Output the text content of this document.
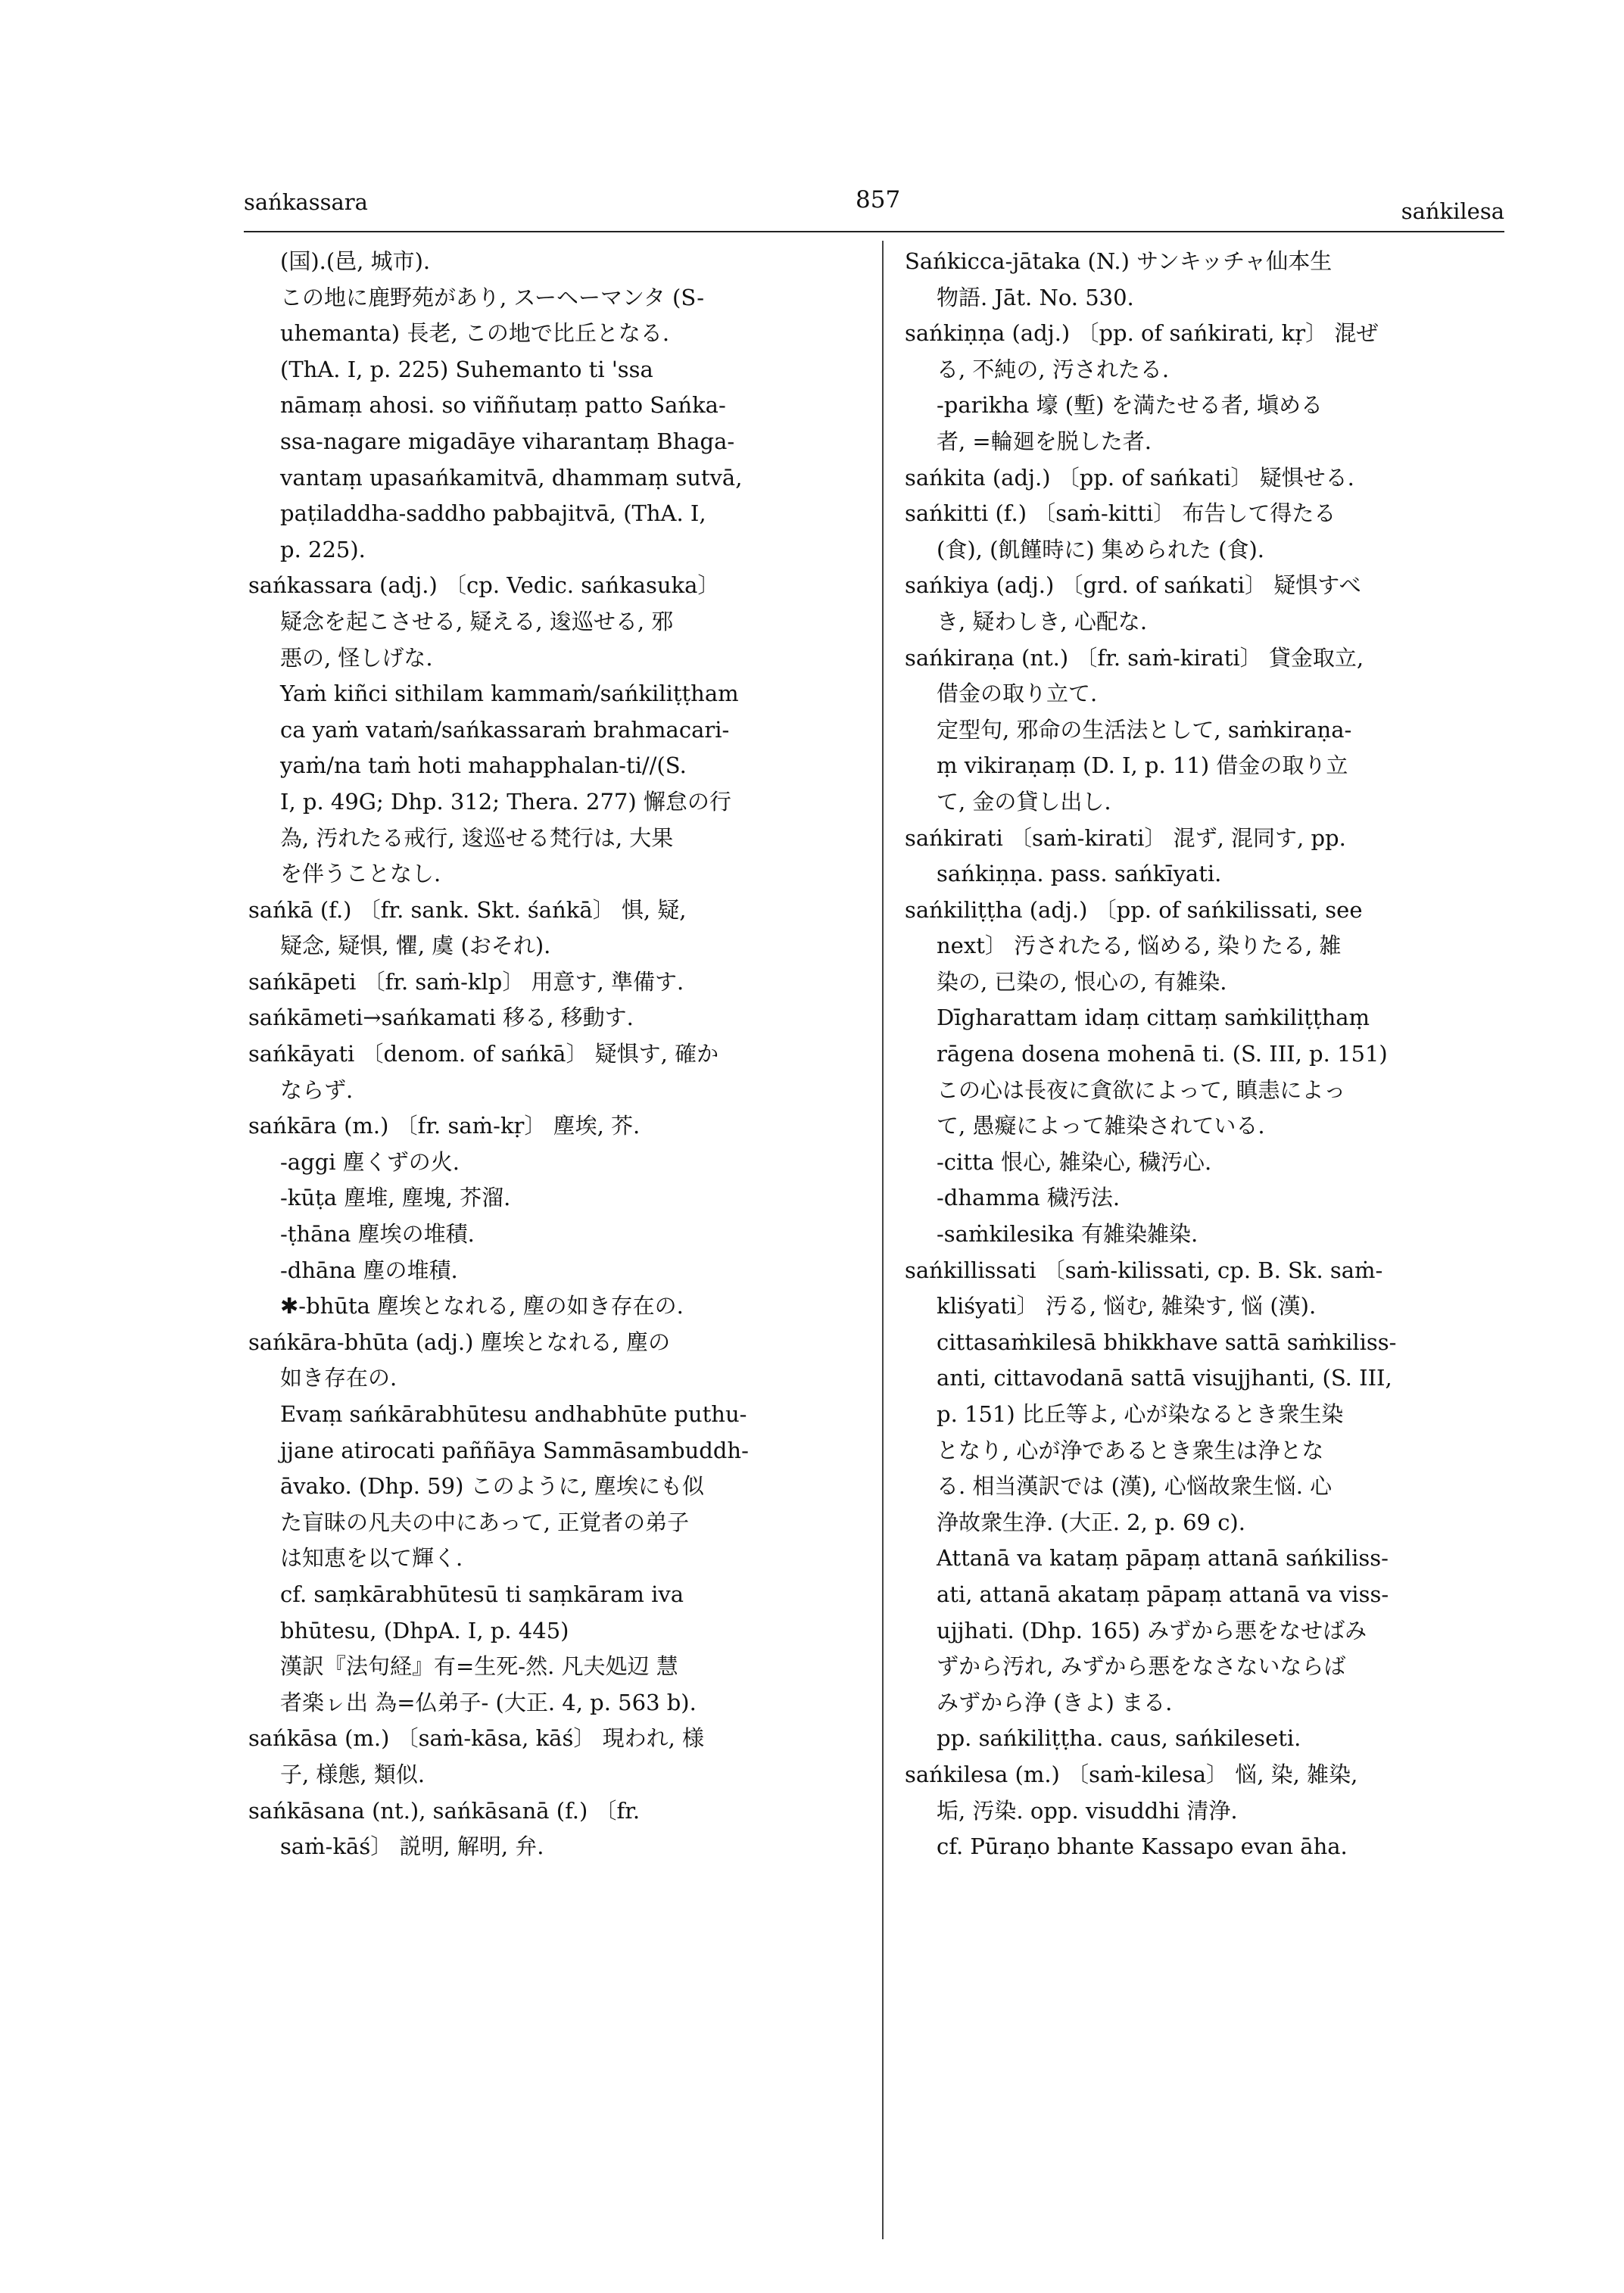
sańkassara	857	sańkilesa
(国).(邑, 城市).
この地に鹿野苑があり, スーヘーマンタ (S-
uhemanta) 長老, この地で比丘となる.
(ThA. I, p. 225) Suhemanto ti 'ssa
nāmaṃ ahosi. so viññutaṃ patto Sańka-
ssa-nagare migadāye viharantaṃ Bhaga-
vantaṃ upasańkamitvā, dhammaṃ sutvā,
paṭiladdha-saddho pabbajitvā, (ThA. I,
p. 225).
sańkassara (adj.) 〔cp. Vedic. sańkasuka〕
疑念を起こさせる, 疑える, 逡巡せる, 邪
悪の, 怪しげな.
Yaṁ kiñci sithilam kammaṁ/sańkiliṭṭham
ca yaṁ vataṁ/sańkassaraṁ brahmacari-
yaṁ/na taṁ hoti mahapphalan-ti//(S.
I, p. 49G; Dhp. 312; Thera. 277) 懈怠の行
為, 汚れたる戒行, 逡巡せる梵行は, 大果
を伴うことなし.
sańkā (f.) 〔fr. sank. Skt. śańkā〕 惧, 疑,
疑念, 疑惧, 懼, 虞 (おそれ).
sańkāpeti 〔fr. saṁ-klp〕 用意す, 準備す.
sańkāmeti→sańkamati 移る, 移動す.
sańkāyati 〔denom. of sańkā〕 疑惧す, 確か
ならず.
sańkāra (m.) 〔fr. saṁ-kṛ〕 塵埃, 芥.
-aggi 塵くずの火.
-kūṭa 塵堆, 塵塊, 芥溜.
-ṭhāna 塵埃の堆積.
-dhāna 塵の堆積.
✱-bhūta 塵埃となれる, 塵の如き存在の.
sańkāra-bhūta (adj.) 塵埃となれる, 塵の
如き存在の.
Evaṃ sańkārabhūtesu andhabhūte puthu-
jjane atirocati paññāya Sammāsambuddh-
āvako. (Dhp. 59) このように, 塵埃にも似
た盲昧の凡夫の中にあって, 正覚者の弟子
は知恵を以て輝く.
cf. saṃkārabhūtesū ti saṃkāram iva
bhūtesu, (DhpA. I, p. 445)
漢訳『法句経』有=生死-然. 凡夫処辺 慧
者楽ㇾ出 為=仏弟子- (大正. 4, p. 563 b).
sańkāsa (m.) 〔saṁ-kāsa, kāś〕 現われ, 様
子, 様態, 類似.
sańkāsana (nt.), sańkāsanā (f.) 〔fr.
saṁ-kāś〕 説明, 解明, 弁.
Sańkicca-jātaka (N.) サンキッチャ仙本生
物語. Jāt. No. 530.
sańkiṇṇa (adj.) 〔pp. of sańkirati, kṛ〕 混ぜ
る, 不純の, 汚されたる.
-parikha 壕 (塹) を満たせる者, 塡める
者, =輪廻を脱した者.
sańkita (adj.) 〔pp. of sańkati〕 疑惧せる.
sańkitti (f.) 〔saṁ-kitti〕 布告して得たる
(食), (飢饉時に) 集められた (食).
sańkiya (adj.) 〔grd. of sańkati〕 疑惧すべ
き, 疑わしき, 心配な.
sańkiraṇa (nt.) 〔fr. saṁ-kirati〕 貸金取立,
借金の取り立て.
定型句, 邪命の生活法として, saṁkiraṇa-
ṃ vikiraṇaṃ (D. I, p. 11) 借金の取り立
て, 金の貸し出し.
sańkirati 〔saṁ-kirati〕 混ず, 混同す, pp.
sańkiṇṇa. pass. sańkīyati.
sańkiliṭṭha (adj.) 〔pp. of sańkilissati, see
next〕 汚されたる, 悩める, 染りたる, 雑
染の, 已染の, 恨心の, 有雑染.
Dīgharattam idaṃ cittaṃ saṁkiliṭṭhaṃ
rāgena dosena mohenā ti. (S. III, p. 151)
この心は長夜に貪欲によって, 瞋恚によっ
て, 愚癡によって雑染されている.
-citta 恨心, 雑染心, 穢汚心.
-dhamma 穢汚法.
-saṁkilesika 有雑染雑染.
sańkillissati 〔saṁ-kilissati, cp. B. Sk. saṁ-
kliśyati〕 汚る, 悩む, 雑染す, 悩 (漢).
cittasaṁkilesā bhikkhave sattā saṁkiliss-
anti, cittavodanā sattā visujjhanti, (S. III,
p. 151) 比丘等よ, 心が染なるとき衆生染
となり, 心が浄であるとき衆生は浄とな
る. 相当漢訳では (漢), 心悩故衆生悩. 心
浄故衆生浄. (大正. 2, p. 69 c).
Attanā va kataṃ pāpaṃ attanā sańkiliss-
ati, attanā akataṃ pāpaṃ attanā va viss-
ujjhati. (Dhp. 165) みずから悪をなせばみ
ずから汚れ, みずから悪をなさないならば
みずから浄 (きよ) まる.
pp. sańkiliṭṭha. caus, sańkileseti.
sańkilesa (m.) 〔saṁ-kilesa〕 悩, 染, 雑染,
垢, 汚染. opp. visuddhi 清浄.
cf. Pūraṇo bhante Kassapo evan āha.
